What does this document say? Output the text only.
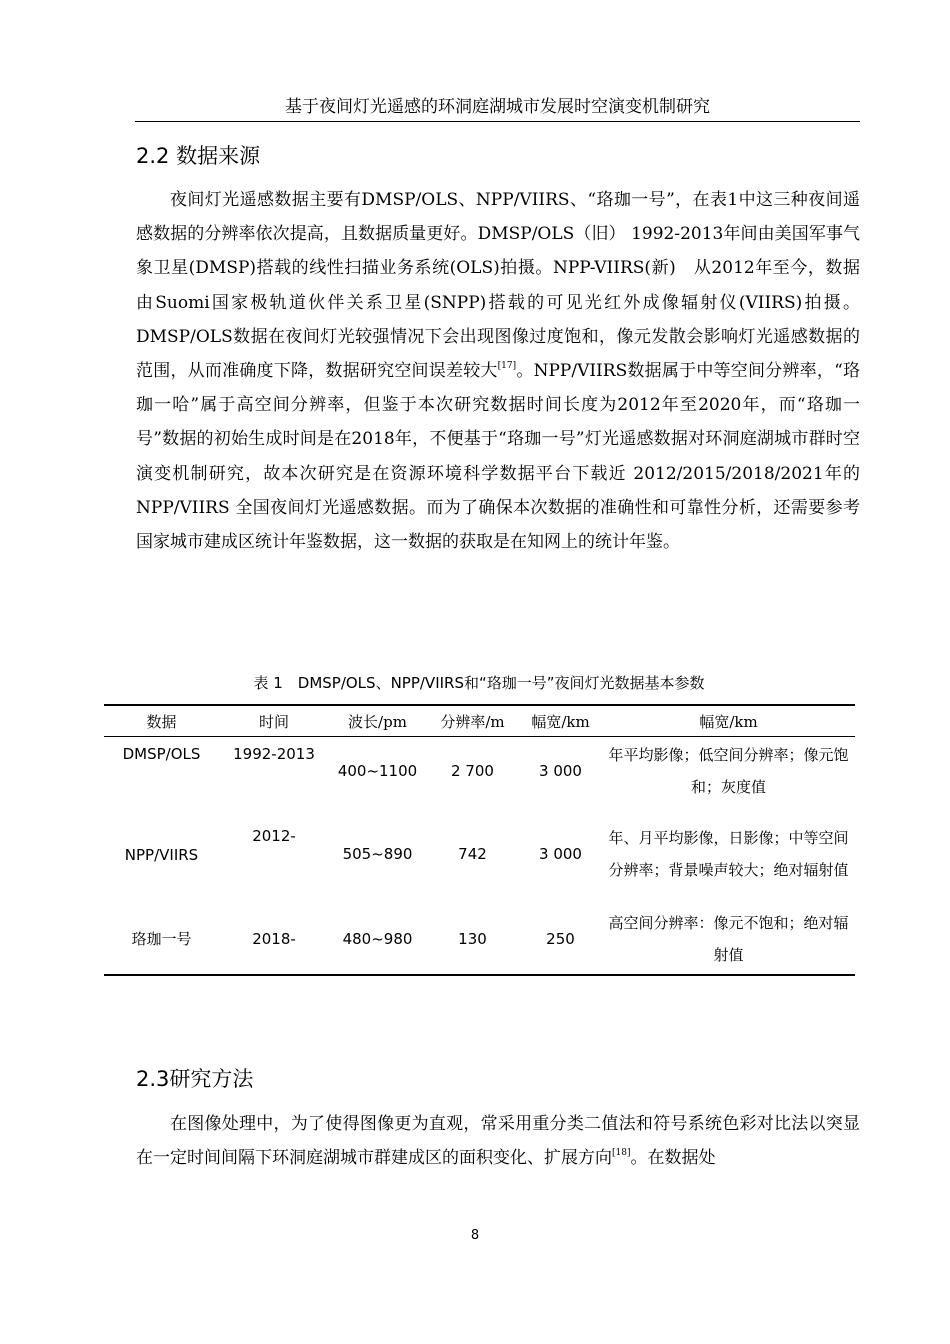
基于夜间灯光遥感的环洞庭湖城市发展时空演变机制研究
2.2 数据来源

夜间灯光遥感数据主要有DMSP/OLS、NPP/VIIRS、“珞珈一号”，在表1中这三种夜间遥感数据的分辨率依次提高，且数据质量更好。DMSP/OLS（旧） 1992-2013年间由美国军事气象卫星(DMSP)搭载的线性扫描业务系统(OLS)拍摄。NPP-VIIRS(新)　从2012年至今，数据由Suomi国家极轨道伙伴关系卫星(SNPP)搭载的可见光红外成像辐射仪(VIIRS)拍摄。DMSP/OLS数据在夜间灯光较强情况下会出现图像过度饱和，像元发散会影响灯光遥感数据的范围，从而准确度下降，数据研究空间误差较大[17]。NPP/VIIRS数据属于中等空间分辨率，“珞珈一哈”属于高空间分辨率，但鉴于本次研究数据时间长度为2012年至2020年，而“珞珈一号”数据的初始生成时间是在2018年，不便基于“珞珈一号”灯光遥感数据对环洞庭湖城市群时空演变机制研究，故本次研究是在资源环境科学数据平台下载近 2012/2015/2018/2021年的 NPP/VIIRS 全国夜间灯光遥感数据。而为了确保本次数据的准确性和可靠性分析，还需要参考国家城市建成区统计年鉴数据，这一数据的获取是在知网上的统计年鉴。

表 1　DMSP/OLS、NPP/VIIRS和“珞珈一号”夜间灯光数据基本参数
数据	时间	波长/pm	分辨率/m	幅宽/km	幅宽/km
DMSP/OLS	1992-2013	400~1100	2 700	3 000	年平均影像；低空间分辨率；像元饱和；灰度值
NPP/VIIRS	2012-	505~890	742	3 000	年、月平均影像，日影像；中等空间分辨率；背景噪声较大；绝对辐射值
珞珈一号	2018-	480~980	130	250	高空间分辨率：像元不饱和；绝对辐射值
2.3研究方法

在图像处理中，为了使得图像更为直观，常采用重分类二值法和符号系统色彩对比法以突显在一定时间间隔下环洞庭湖城市群建成区的面积变化、扩展方向[18]。在数据处

8
